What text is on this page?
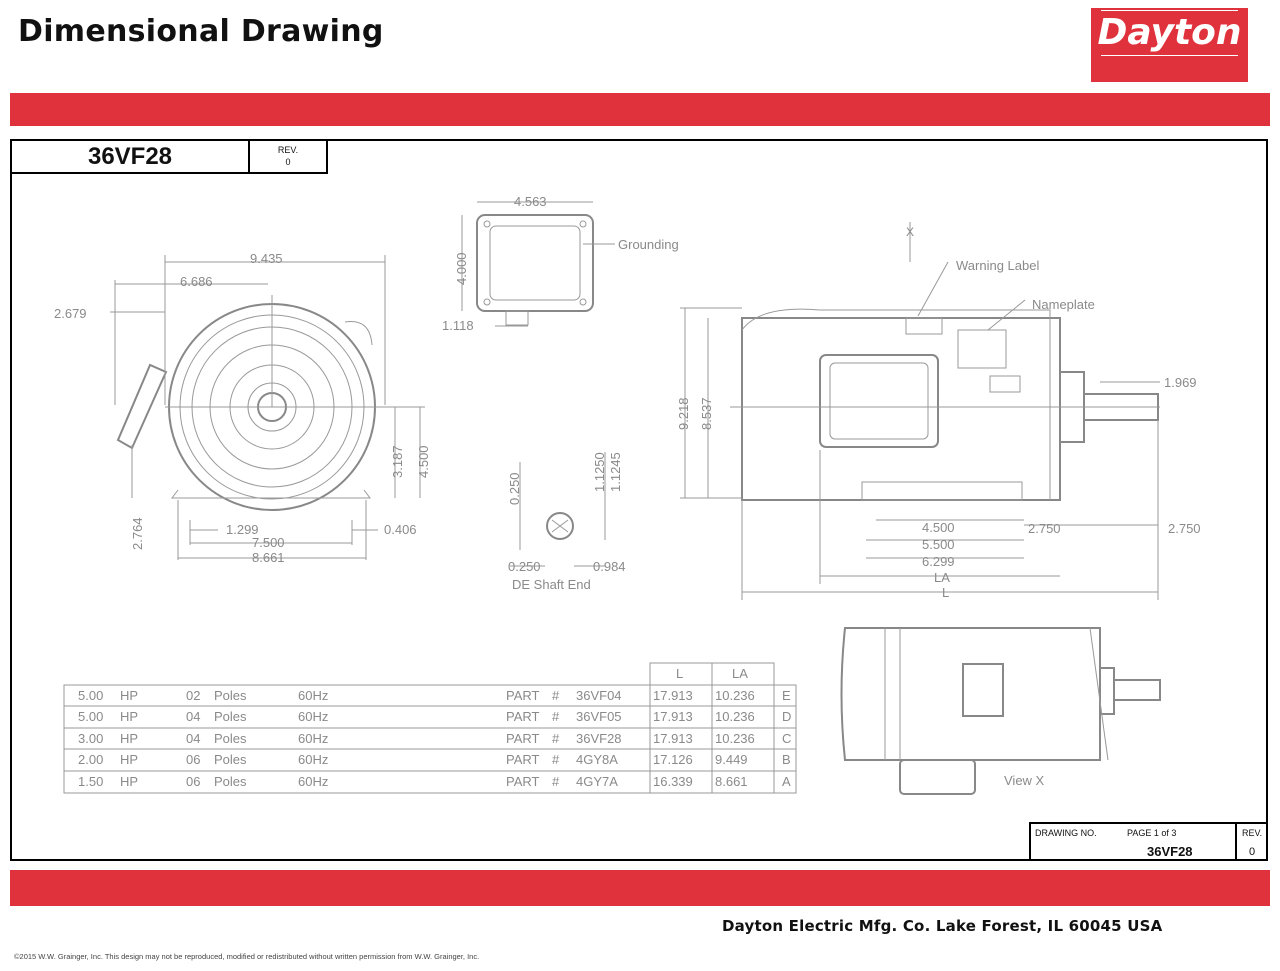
Dimensional Drawing	Dayton
36VF28	REV.
0
9.435
6.686
2.679
3.187 4.500
2.764	1.299
7.500
8.661
0.406
4.563
4.000
1.118
Grounding
0.250	1.1250 1.1245
0.250	0.984
DE Shaft End
X
Warning Label
Nameplate
9.218 8.537
1.969
4.500
5.500
6.299
2.750	2.750
LA
L
View X
L	LA
5.00 HP	02 Poles	60Hz	PART # 36VF04 17.913 10.236 E
5.00 HP	04 Poles	60Hz	PART # 36VF05 17.913 10.236 D
3.00 HP	04 Poles	60Hz	PART # 36VF28 17.913 10.236 C
2.00 HP	06 Poles	60Hz	PART # 4GY8A	17.126 9.449	B
1.50 HP	06 Poles	60Hz	PART # 4GY7A	16.339 8.661	A
DRAWING NO.	PAGE 1 of 3
36VF28
REV.
0
Dayton Electric Mfg. Co. Lake Forest, IL 60045 USA
©2015 W.W. Grainger, Inc. This design may not be reproduced, modified or redistributed without written permission from W.W. Grainger, Inc.
